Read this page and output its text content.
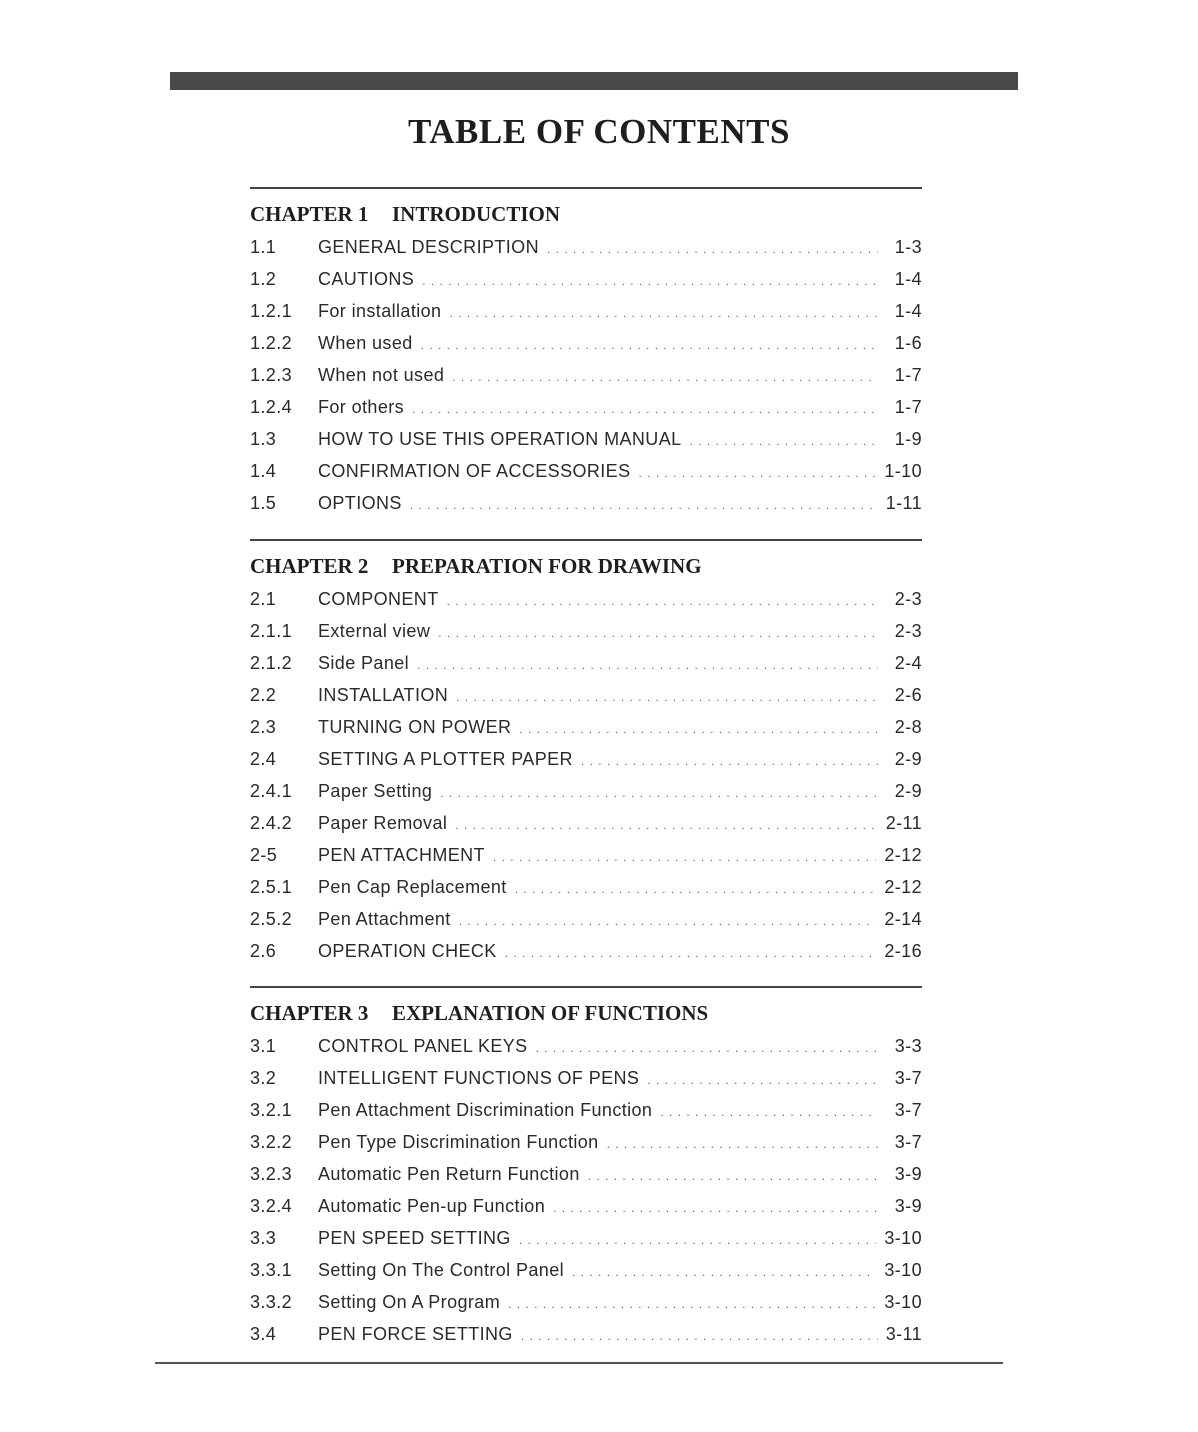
TABLE OF CONTENTS
CHAPTER 1 INTRODUCTION
1.1	GENERAL DESCRIPTION . . .	1-3
1.2	CAUTIONS . . .	1-4
1.2.1	For installation . . .	1-4
1.2.2	When used . . .	1-6
1.2.3	When not used . . .	1-7
1.2.4	For others . . .	1-7
1.3	HOW TO USE THIS OPERATION MANUAL . . .	1-9
1.4	CONFIRMATION OF ACCESSORIES . . .	1-10
1.5	OPTIONS . . .	1-11
CHAPTER 2 PREPARATION FOR DRAWING
2.1	COMPONENT . . .	2-3
2.1.1	External view . . .	2-3
2.1.2	Side Panel . . .	2-4
2.2	INSTALLATION . . .	2-6
2.3	TURNING ON POWER . . .	2-8
2.4	SETTING A PLOTTER PAPER . . .	2-9
2.4.1	Paper Setting . . .	2-9
2.4.2	Paper Removal . . .	2-11
2-5	PEN ATTACHMENT . . .	2-12
2.5.1	Pen Cap Replacement . . .	2-12
2.5.2	Pen Attachment . . .	2-14
2.6	OPERATION CHECK . . .	2-16
CHAPTER 3 EXPLANATION OF FUNCTIONS
3.1	CONTROL PANEL KEYS . . .	3-3
3.2	INTELLIGENT FUNCTIONS OF PENS . . .	3-7
3.2.1	Pen Attachment Discrimination Function . . .	3-7
3.2.2	Pen Type Discrimination Function . . .	3-7
3.2.3	Automatic Pen Return Function . . .	3-9
3.2.4	Automatic Pen-up Function . . .	3-9
3.3	PEN SPEED SETTING . . .	3-10
3.3.1	Setting On The Control Panel . . .	3-10
3.3.2	Setting On A Program . . .	3-10
3.4	PEN FORCE SETTING . . .	3-11
